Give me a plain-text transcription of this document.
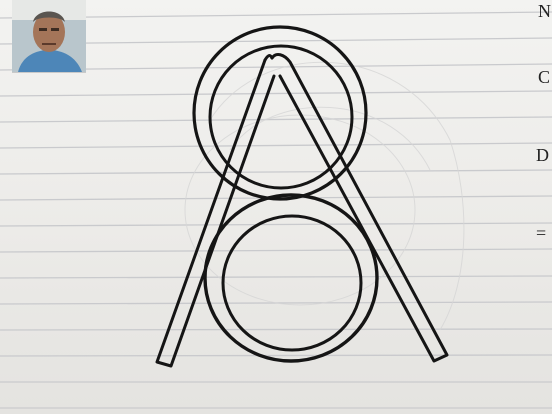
N
C
D
=
